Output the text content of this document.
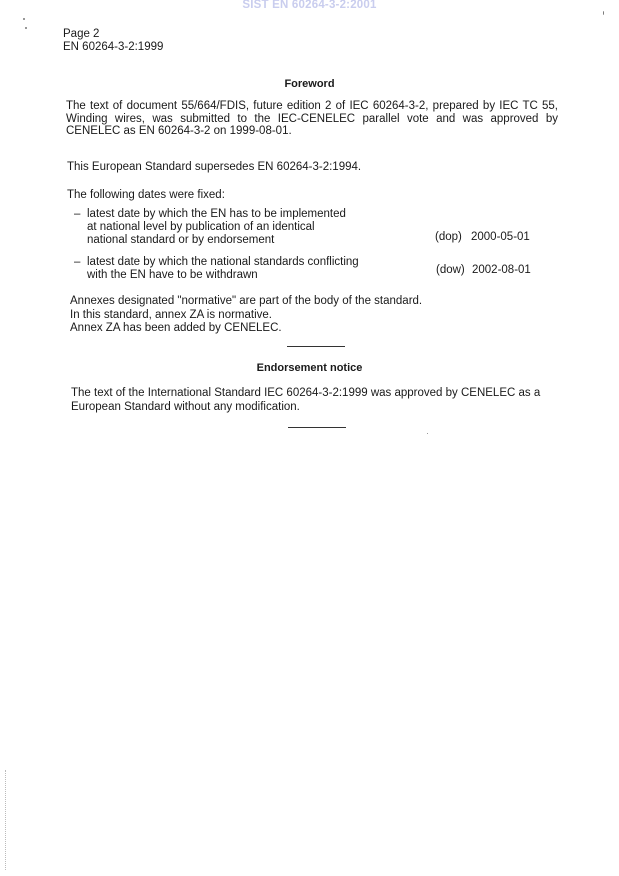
SIST EN 60264-3-2:2001
Page 2
EN 60264-3-2:1999
Foreword
The text of document 55/664/FDIS, future edition 2 of IEC 60264-3-2, prepared by IEC TC 55, Winding wires, was submitted to the IEC-CENELEC parallel vote and was approved by CENELEC as EN 60264-3-2 on 1999-08-01.
This European Standard supersedes EN 60264-3-2:1994.
The following dates were fixed:
– latest date by which the EN has to be implemented
at national level by publication of an identical
national standard or by endorsement	(dop) 2000-05-01
– latest date by which the national standards conflicting
with the EN have to be withdrawn	(dow) 2002-08-01
Annexes designated "normative" are part of the body of the standard.
In this standard, annex ZA is normative.
Annex ZA has been added by CENELEC.
Endorsement notice
The text of the International Standard IEC 60264-3-2:1999 was approved by CENELEC as a European Standard without any modification.
